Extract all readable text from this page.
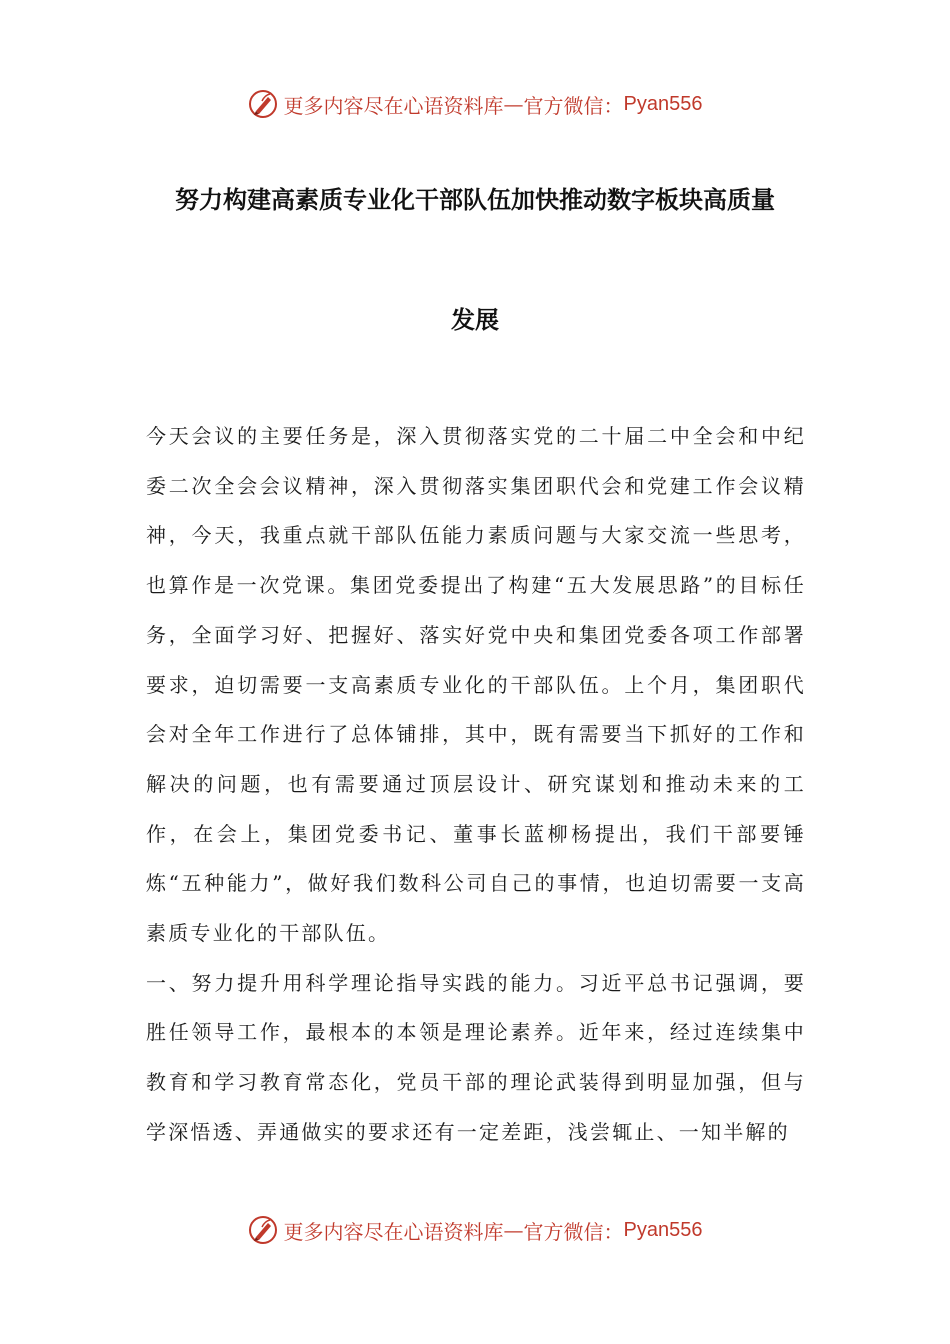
更多内容尽在心语资料库 — 官方微信： Pyan556
努力构建高素质专业化干部队伍加快推动数字板块高质量
发展

今天会议的主要任务是，深入贯彻落实党的二十届二中全会和中纪委二次全会会议精神，深入贯彻落实集团职代会和党建工作会议精神，今天，我重点就干部队伍能力素质问题与大家交流一些思考，也算作是一次党课。集团党委提出了构建“五大发展思路”的目标任务，全面学习好、把握好、落实好党中央和集团党委各项工作部署要求，迫切需要一支高素质专业化的干部队伍。上个月，集团职代会对全年工作进行了总体铺排，其中，既有需要当下抓好的工作和解决的问题，也有需要通过顶层设计、研究谋划和推动未来的工作，在会上，集团党委书记、董事长蓝柳杨提出，我们干部要锤炼“五种能力”，做好我们数科公司自己的事情，也迫切需要一支高素质专业化的干部队伍。

一、努力提升用科学理论指导实践的能力。习近平总书记强调，要胜任领导工作，最根本的本领是理论素养。近年来，经过连续集中教育和学习教育常态化，党员干部的理论武装得到明显加强，但与学深悟透、弄通做实的要求还有一定差距，浅尝辄止、一知半解的

更多内容尽在心语资料库 — 官方微信： Pyan556
